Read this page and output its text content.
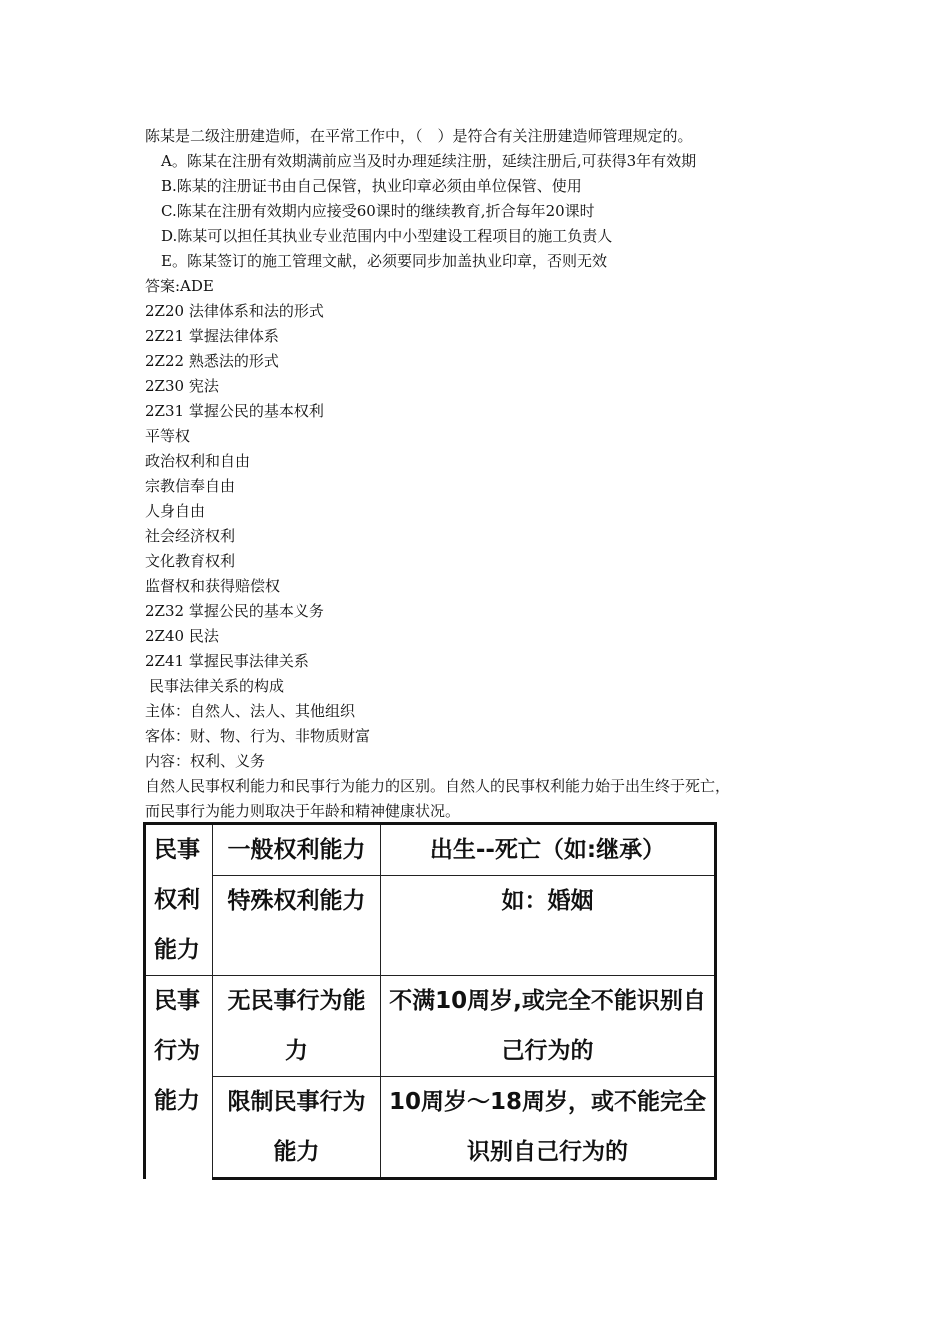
陈某是二级注册建造师，在平常工作中，（　）是符合有关注册建造师管理规定的。
A。陈某在注册有效期满前应当及时办理延续注册，延续注册后,可获得3年有效期
B.陈某的注册证书由自己保管，执业印章必须由单位保管、使用
C.陈某在注册有效期内应接受60课时的继续教育,折合每年20课时
D.陈某可以担任其执业专业范围内中小型建设工程项目的施工负责人
E。陈某签订的施工管理文献，必须要同步加盖执业印章，否则无效
答案:ADE
2Z20 法律体系和法的形式
2Z21 掌握法律体系
2Z22 熟悉法的形式
2Z30 宪法
2Z31 掌握公民的基本权利
平等权
政治权利和自由
宗教信奉自由
人身自由
社会经济权利
文化教育权利
监督权和获得赔偿权
2Z32 掌握公民的基本义务
2Z40 民法
2Z41 掌握民事法律关系
民事法律关系的构成
主体：自然人、法人、其他组织
客体：财、物、行为、非物质财富
内容：权利、义务
自然人民事权利能力和民事行为能力的区别。自然人的民事权利能力始于出生终于死亡，
而民事行为能力则取决于年龄和精神健康状况。
民事权利能力	一般权利能力	出生--死亡（如:继承）
	特殊权利能力	如：婚姻
民事行为能力	无民事行为能力	不满10周岁,或完全不能识别自己行为的
	限制民事行为能力	10周岁～18周岁，或不能完全识别自己行为的
